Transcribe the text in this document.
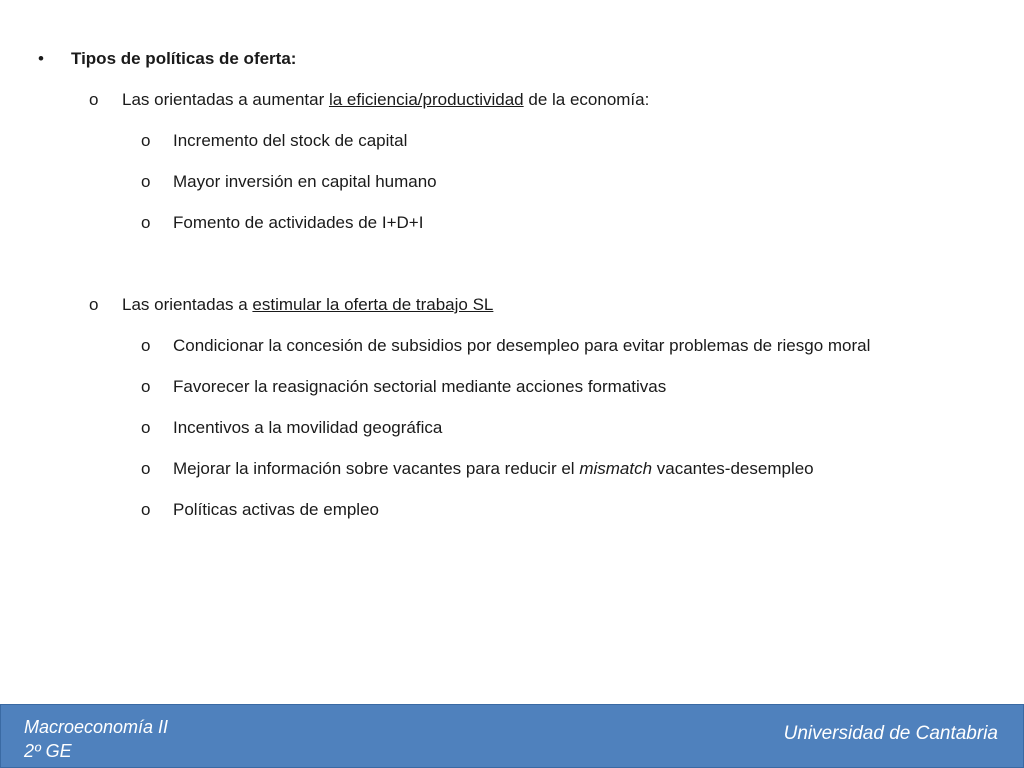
• Tipos de políticas de oferta:
o Las orientadas a aumentar la eficiencia/productividad de la economía:
o Incremento del stock de capital
o Mayor inversión en capital humano
o Fomento de actividades de I+D+I
o Las orientadas a estimular la oferta de trabajo SL
o Condicionar la concesión de subsidios por desempleo para evitar problemas de riesgo moral
o Favorecer la reasignación sectorial mediante acciones formativas
o Incentivos a la movilidad geográfica
o Mejorar la información sobre vacantes para reducir el mismatch vacantes-desempleo
o Políticas activas de empleo
Macroeconomía II
2º GE
Universidad de Cantabria
